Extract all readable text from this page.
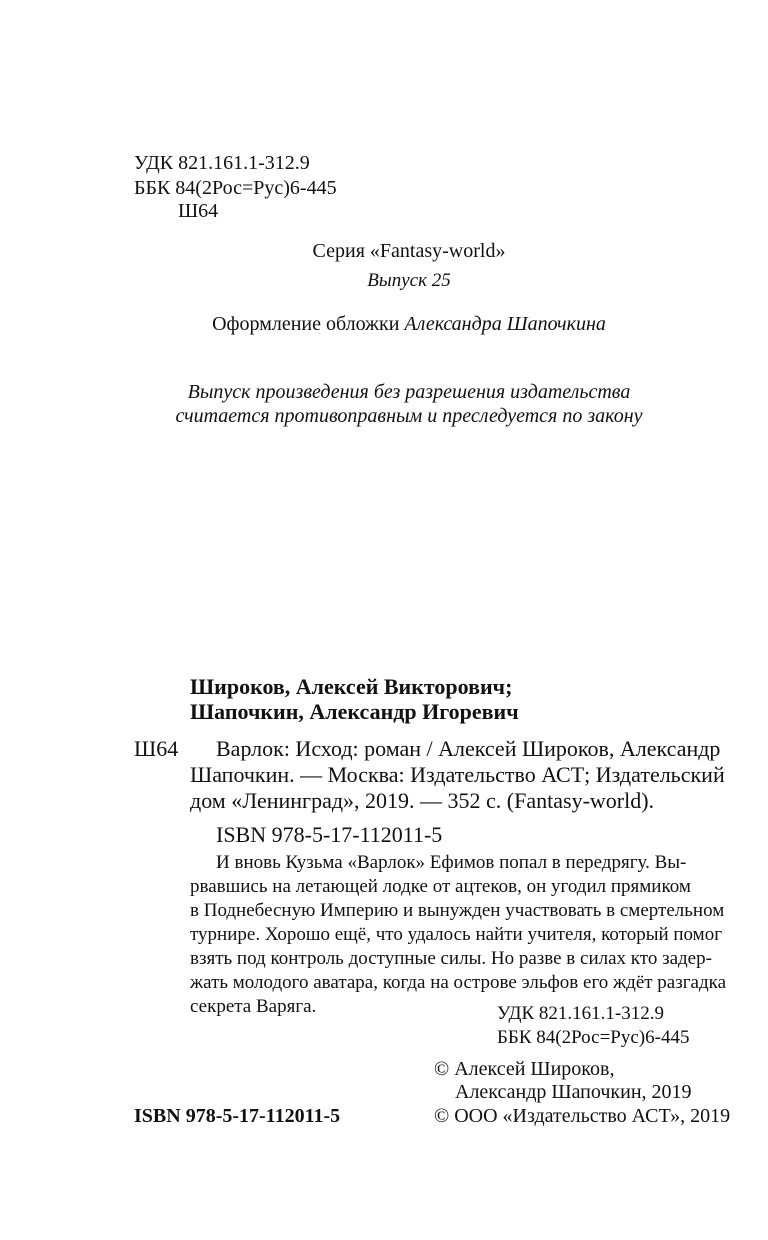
УДК 821.161.1-312.9
ББК 84(2Рос=Рус)6-445
Ш64
Серия «Fantasy-world»
Выпуск 25
Оформление обложки Александра Шапочкина
Выпуск произведения без разрешения издательства
считается противоправным и преследуется по закону
Широков, Алексей Викторович;
Шапочкин, Александр Игоревич
Ш64 Варлок: Исход: роман / Алексей Широков, Александр
Шапочкин. — Москва: Издательство АСТ; Издательский
дом «Ленинград», 2019. — 352 с. (Fantasy-world).
ISBN 978-5-17-112011-5
И вновь Кузьма «Варлок» Ефимов попал в передрягу. Вы-
рвавшись на летающей лодке от ацтеков, он угодил прямиком
в Поднебесную Империю и вынужден участвовать в смертельном
турнире. Хорошо ещё, что удалось найти учителя, который помог
взять под контроль доступные силы. Но разве в силах кто задер-
жать молодого аватара, когда на острове эльфов его ждёт разгадка
секрета Варяга.	УДК 821.161.1-312.9
ББК 84(2Рос=Рус)6-445
© Алексей Широков,
Александр Шапочкин, 2019
© ООО «Издательство АСТ», 2019
ISBN 978-5-17-112011-5
